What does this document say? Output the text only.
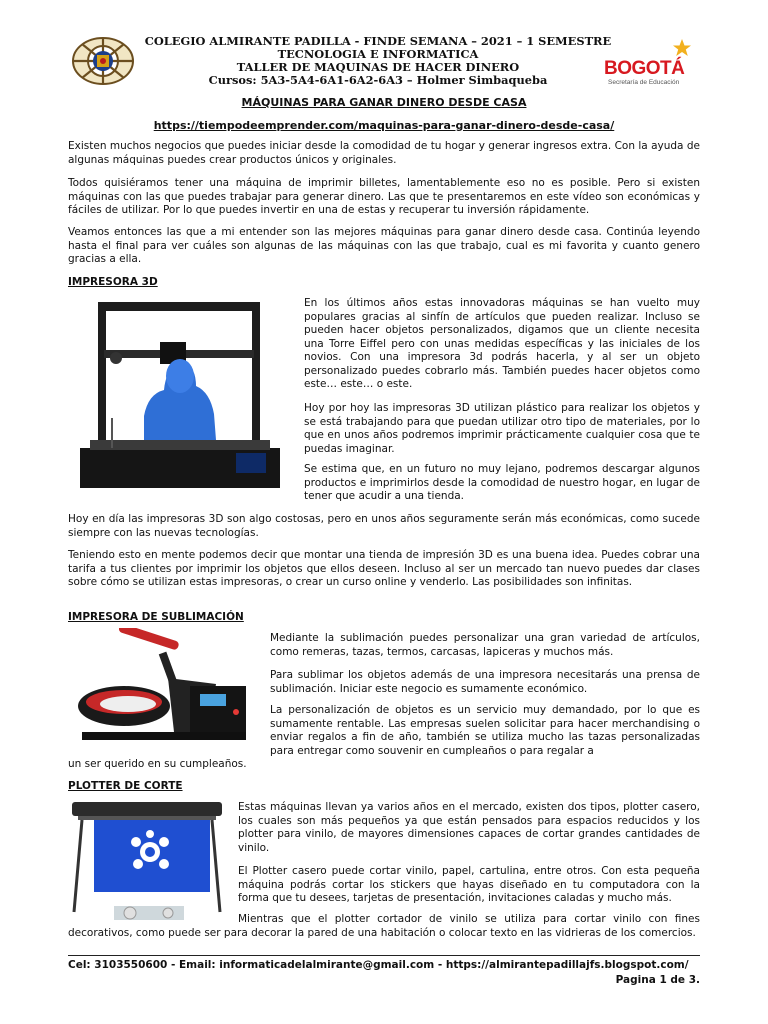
COLEGIO ALMIRANTE PADILLA - FINDE SEMANA – 2021 – 1 SEMESTRE
TECNOLOGIA E INFORMATICA
TALLER DE MAQUINAS DE HACER DINERO
Cursos: 5A3-5A4-6A1-6A2-6A3 – Holmer Simbaqueba
BOGOTÁ
Secretaría de Educación
MÁQUINAS PARA GANAR DINERO DESDE CASA
https://tiempodeemprender.com/maquinas-para-ganar-dinero-desde-casa/
Existen muchos negocios que puedes iniciar desde la comodidad de tu hogar y generar ingresos extra. Con la ayuda de algunas máquinas puedes crear productos únicos y originales.
Todos quisiéramos tener una máquina de imprimir billetes, lamentablemente eso no es posible. Pero si existen máquinas con las que puedes trabajar para generar dinero. Las que te presentaremos en este vídeo son económicas y fáciles de utilizar. Por lo que puedes invertir en una de estas y recuperar tu inversión rápidamente.
Veamos entonces las que a mi entender son las mejores máquinas para ganar dinero desde casa. Continúa leyendo hasta el final para ver cuáles son algunas de las máquinas con las que trabajo, cual es mi favorita y cuanto genero gracias a ella.
IMPRESORA 3D
En los últimos años estas innovadoras máquinas se han vuelto muy populares gracias al sinfín de artículos que pueden realizar. Incluso se pueden hacer objetos personalizados, digamos que un cliente necesita una Torre Eiffel pero con unas medidas específicas y las iniciales de los novios. Con una impresora 3d podrás hacerla, y al ser un objeto personalizado puedes cobrarlo más. También puedes hacer objetos como este… este… o este.
Hoy por hoy las impresoras 3D utilizan plástico para realizar los objetos y se está trabajando para que puedan utilizar otro tipo de materiales, por lo que en unos años podremos imprimir prácticamente cualquier cosa que te puedas imaginar.
Se estima que, en un futuro no muy lejano, podremos descargar algunos productos e imprimirlos desde la comodidad de nuestro hogar, en lugar de tener que acudir a una tienda.
Hoy en día las impresoras 3D son algo costosas, pero en unos años seguramente serán más económicas, como sucede siempre con las nuevas tecnologías.
Teniendo esto en mente podemos decir que montar una tienda de impresión 3D es una buena idea. Puedes cobrar una tarifa a tus clientes por imprimir los objetos que ellos deseen. Incluso al ser un mercado tan nuevo puedes dar clases sobre cómo se utilizan estas impresoras, o crear un curso online y venderlo. Las posibilidades son infinitas.
IMPRESORA DE SUBLIMACIÓN
Mediante la sublimación puedes personalizar una gran variedad de artículos, como remeras, tazas, termos, carcasas, lapiceras y muchos más.
Para sublimar los objetos además de una impresora necesitarás una prensa de sublimación. Iniciar este negocio es sumamente económico.
La personalización de objetos es un servicio muy demandado, por lo que es sumamente rentable. Las empresas suelen solicitar para hacer merchandising o enviar regalos a fin de año, también se utiliza mucho las tazas personalizadas para entregar como souvenir en cumpleaños o para regalar a
un ser querido en su cumpleaños.
PLOTTER DE CORTE
Estas máquinas llevan ya varios años en el mercado, existen dos tipos, plotter casero, los cuales son más pequeños ya que están pensados para espacios reducidos y los plotter para vinilo, de mayores dimensiones capaces de cortar grandes cantidades de vinilo.
El Plotter casero puede cortar vinilo, papel, cartulina, entre otros. Con esta pequeña máquina podrás cortar los stickers que hayas diseñado en tu computadora con la forma que tu desees, tarjetas de presentación, invitaciones caladas y mucho más.
Mientras que el plotter cortador de vinilo se utiliza para cortar vinilo con fines decorativos, como puede ser para decorar la pared de una habitación o colocar texto en las vidrieras de los comercios.
Cel: 3103550600 - Email: informaticadelalmirante@gmail.com - https://almirantepadillajfs.blogspot.com/
Pagina 1 de 3.
